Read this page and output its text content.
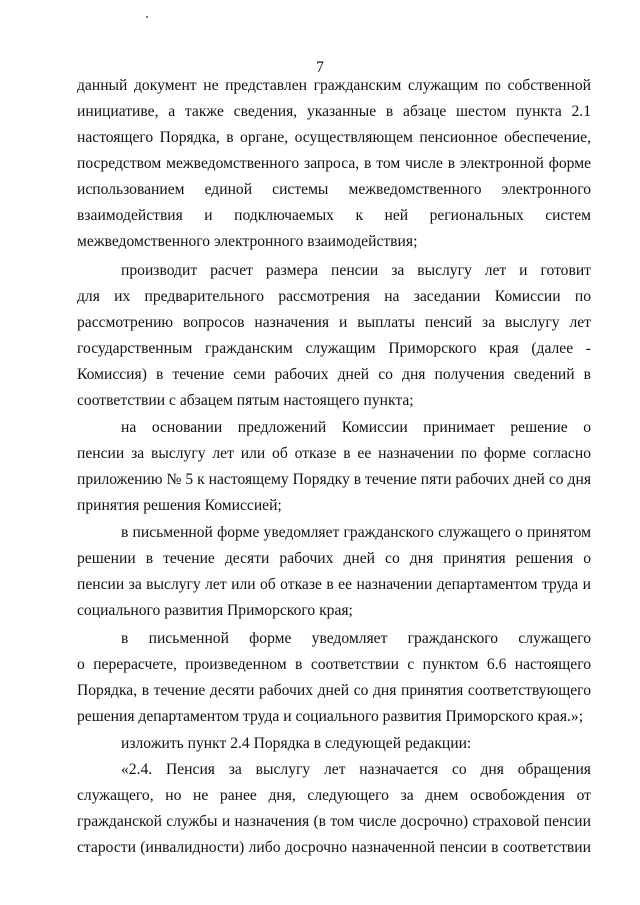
7
данный документ не представлен гражданским служащим по собственной
инициативе, а также сведения, указанные в абзаце шестом пункта 2.1
настоящего Порядка, в органе, осуществляющем пенсионное обеспечение,
посредством межведомственного запроса, в том числе в электронной форме
использованием единой системы межведомственного электронного
взаимодействия и подключаемых к ней региональных систем
межведомственного электронного взаимодействия;
производит расчет размера пенсии за выслугу лет и готовит
для их предварительного рассмотрения на заседании Комиссии по
рассмотрению вопросов назначения и выплаты пенсий за выслугу лет
государственным гражданским служащим Приморского края (далее -
Комиссия) в течение семи рабочих дней со дня получения сведений в
соответствии с абзацем пятым настоящего пункта;
на основании предложений Комиссии принимает решение о
пенсии за выслугу лет или об отказе в ее назначении по форме согласно
приложению № 5 к настоящему Порядку в течение пяти рабочих дней со дня
принятия решения Комиссией;
в письменной форме уведомляет гражданского служащего о принятом
решении в течение десяти рабочих дней со дня принятия решения о
пенсии за выслугу лет или об отказе в ее назначении департаментом труда и
социального развития Приморского края;
в письменной форме уведомляет гражданского служащего
о перерасчете, произведенном в соответствии с пунктом 6.6 настоящего
Порядка, в течение десяти рабочих дней со дня принятия соответствующего
решения департаментом труда и социального развития Приморского края.»;
изложить пункт 2.4 Порядка в следующей редакции:
«2.4. Пенсия за выслугу лет назначается со дня обращения
служащего, но не ранее дня, следующего за днем освобождения от
гражданской службы и назначения (в том числе досрочно) страховой пенсии
старости (инвалидности) либо досрочно назначенной пенсии в соответствии
